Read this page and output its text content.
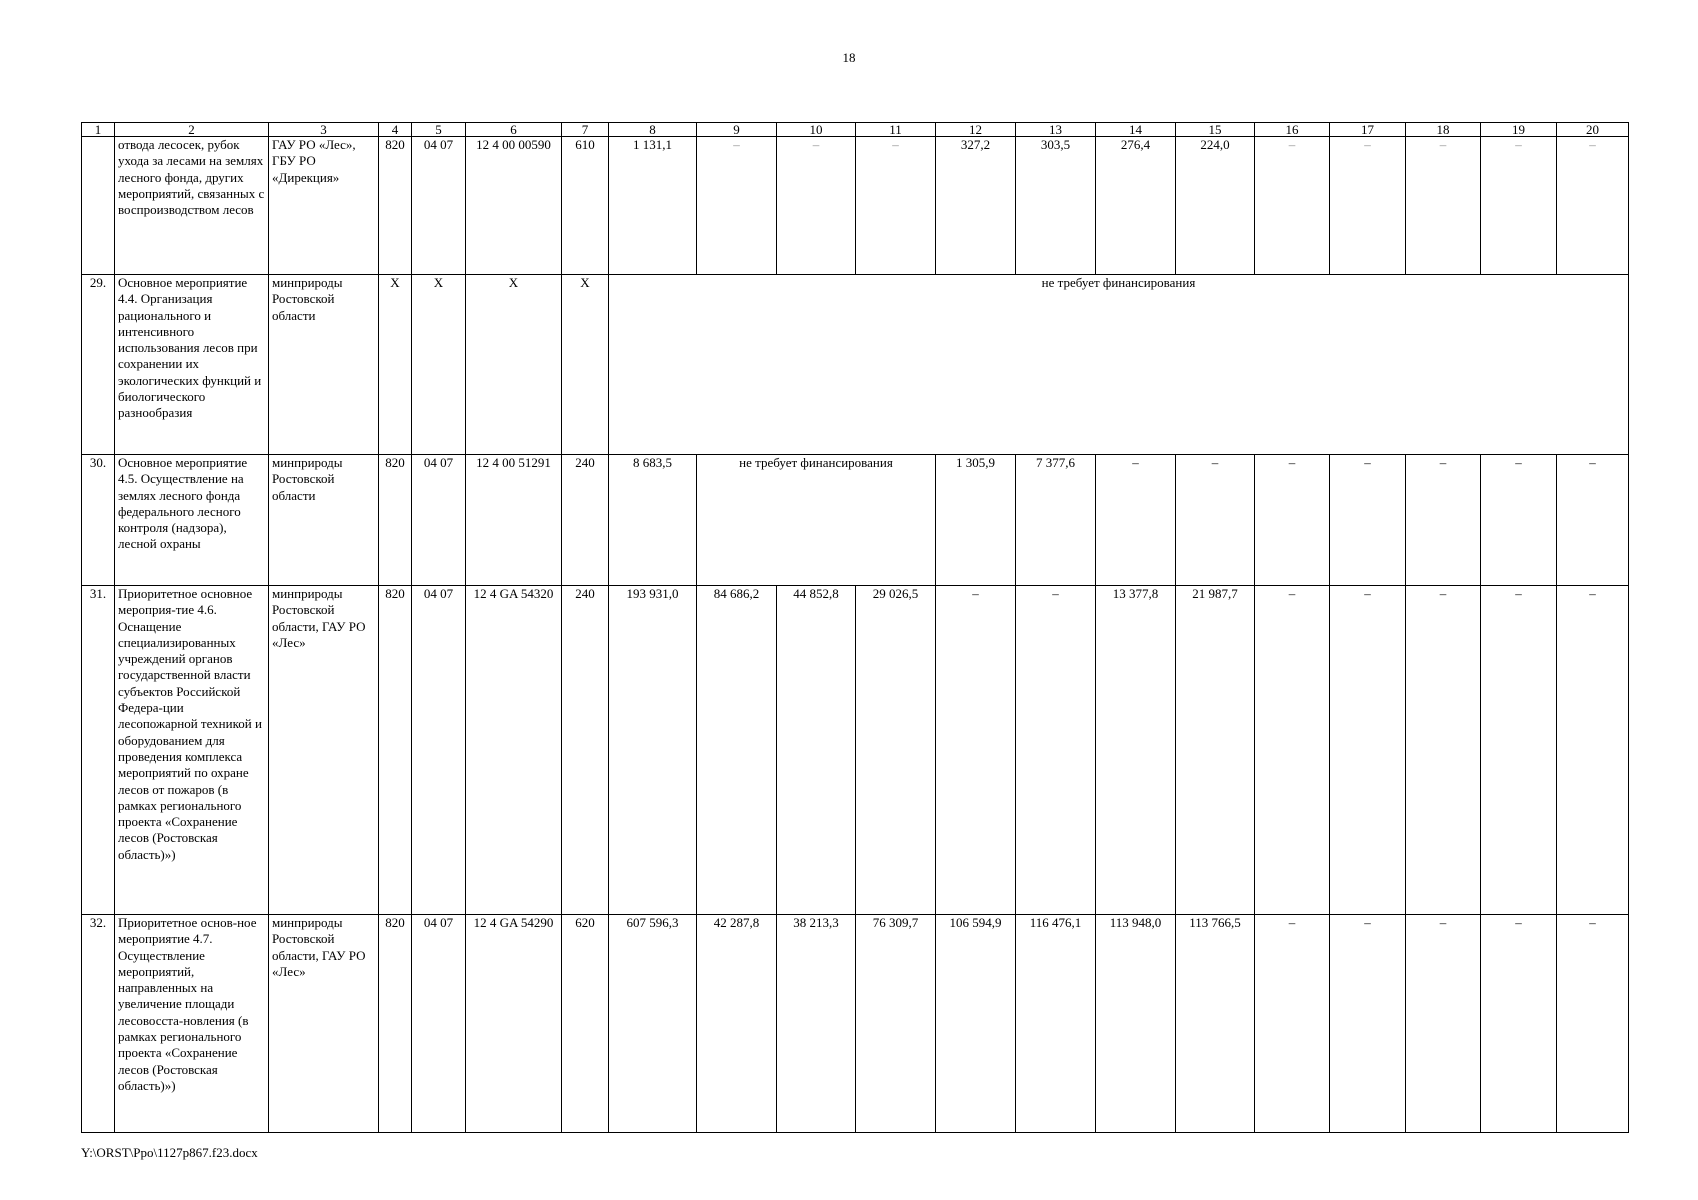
18
1	2	3	4	5	6	7	8	9	10	11	12	13	14	15	16	17	18	19	20
	отвода лесосек, рубок ухода за лесами на землях лесного фонда, других мероприятий, связанных с воспроизводством лесов	ГАУ РО «Лес», ГБУ РО «Дирекция»	820	04 07	12 4 00 00590	610	1 131,1	–	–	–	327,2	303,5	276,4	224,0	–	–	–	–	–
29.	Основное мероприятие 4.4. Организация рационального и интенсивного использования лесов при сохранении их экологических функций и биологического разнообразия	минприроды Ростовской области	X	X	X	X	не требует финансирования												
30.	Основное мероприятие 4.5. Осуществление на землях лесного фонда федерального лесного контроля (надзора), лесной охраны	минприроды Ростовской области	820	04 07	12 4 00 51291	240	8 683,5	не требует финансирования			1 305,9	7 377,6	–	–	–	–	–	–	–
31.	Приоритетное основное мероприя-тие 4.6. Оснащение специализированных учреждений органов государственной власти субъектов Российской Федера-ции лесопожарной техникой и оборудованием для проведения комплекса мероприятий по охране лесов от пожаров (в рамках регионального проекта «Сохранение лесов (Ростовская область)»)	минприроды Ростовской области, ГАУ РО «Лес»	820	04 07	12 4 GA 54320	240	193 931,0	84 686,2	44 852,8	29 026,5	–	–	13 377,8	21 987,7	–	–	–	–	–
32.	Приоритетное основ-ное мероприятие 4.7. Осуществление мероприятий, направленных на увеличение площади лесовосста-новления (в рамках регионального проекта «Сохранение лесов (Ростовская область)»)	минприроды Ростовской области, ГАУ РО «Лес»	820	04 07	12 4 GA 54290	620	607 596,3	42 287,8	38 213,3	76 309,7	106 594,9	116 476,1	113 948,0	113 766,5	–	–	–	–	–
Y:\ORST\Ppo\1127p867.f23.docx
